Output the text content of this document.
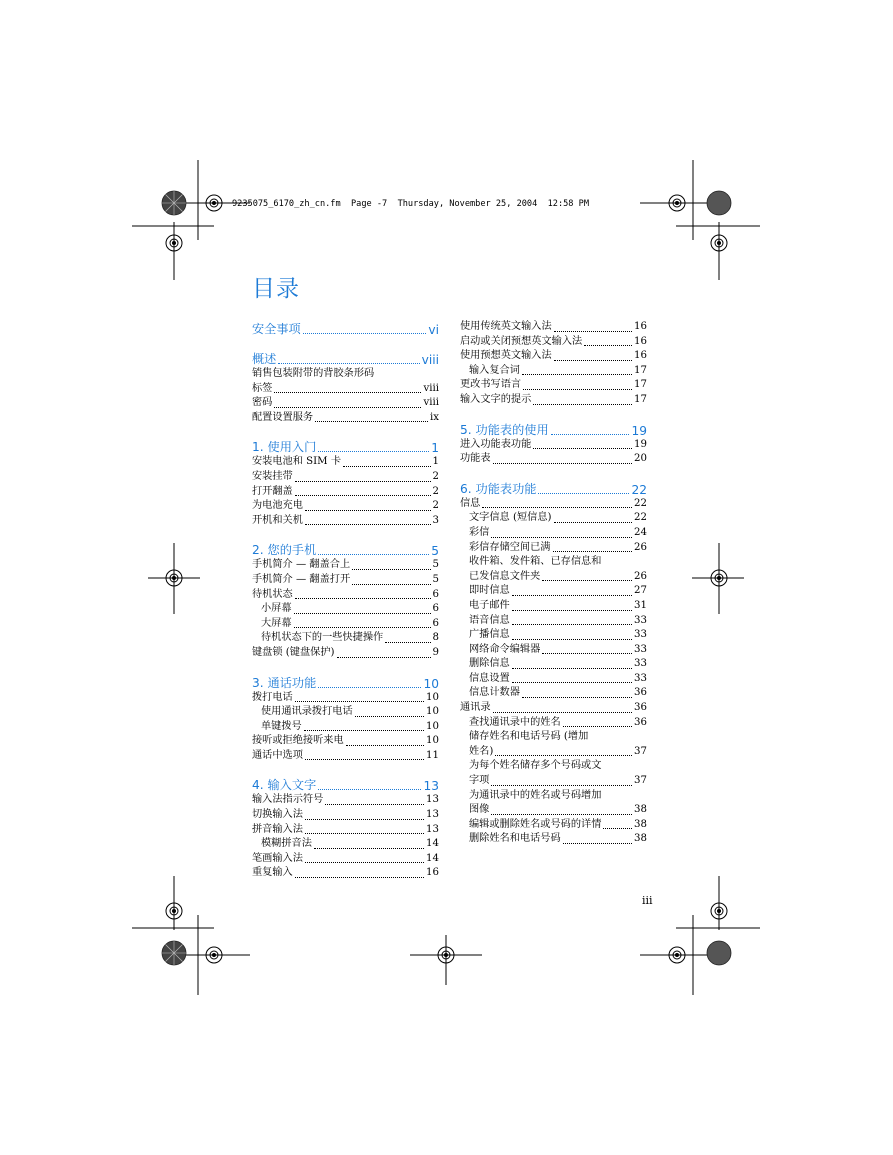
9235075_6170_zh_cn.fm  Page -7  Thursday, November 25, 2004  12:58 PM
目录
安全事项	vi
概述	viii
销售包装附带的背胶条形码
标签	viii
密码	viii
配置设置服务	ix
1. 使用入门	1
安装电池和 SIM 卡	1
安装挂带	2
打开翻盖	2
为电池充电	2
开机和关机	3
2. 您的手机	5
手机简介 — 翻盖合上	5
手机简介 — 翻盖打开	5
待机状态	6
小屏幕	6
大屏幕	6
待机状态下的一些快捷操作	8
键盘锁 (键盘保护)	9
3. 通话功能	10
拨打电话	10
使用通讯录拨打电话	10
单键拨号	10
接听或拒绝接听来电	10
通话中选项	11
4. 输入文字	13
输入法指示符号	13
切换输入法	13
拼音输入法	13
模糊拼音法	14
笔画输入法	14
重复输入	16
使用传统英文输入法	16
启动或关闭预想英文输入法	16
使用预想英文输入法	16
输入复合词	17
更改书写语言	17
输入文字的提示	17
5. 功能表的使用	19
进入功能表功能	19
功能表	20
6. 功能表功能	22
信息	22
文字信息 (短信息)	22
彩信	24
彩信存储空间已满	26
收件箱、发件箱、已存信息和
已发信息文件夹	26
即时信息	27
电子邮件	31
语音信息	33
广播信息	33
网络命令编辑器	33
删除信息	33
信息设置	33
信息计数器	36
通讯录	36
查找通讯录中的姓名	36
储存姓名和电话号码 (增加
姓名)	37
为每个姓名储存多个号码或文
字项	37
为通讯录中的姓名或号码增加
图像	38
编辑或删除姓名或号码的详情	38
删除姓名和电话号码	38
iii
